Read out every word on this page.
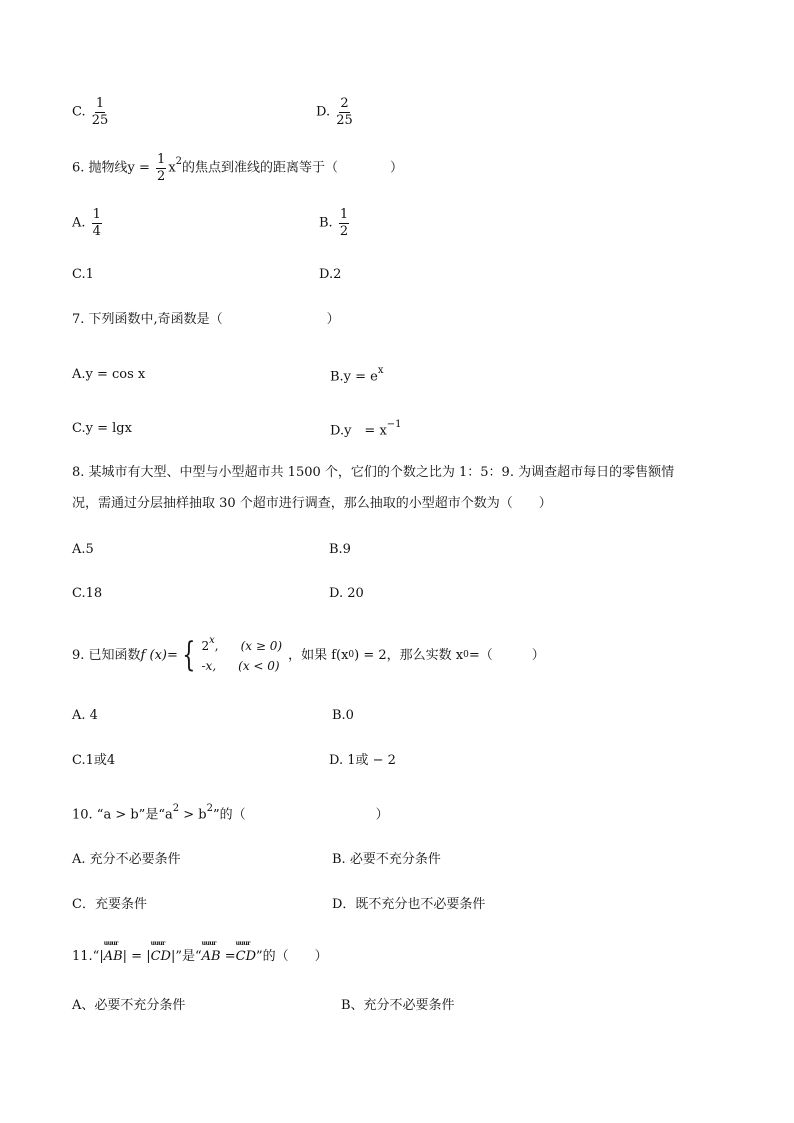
C. $\frac{1}{25}$	D. $\frac{2}{25}$
6. 抛物线$y = \frac{1}{2} x^2$的焦点到准线的距离等于（　　　　）
A. $\frac{1}{4}$	B. $\frac{1}{2}$
C.1	D.2
7. 下列函数中,奇函数是（　　　　　　　　）
A.y = cos x	$B.y = e^x$
C.y = lgx	D.y　= $x^{-1}$
8. 某城市有大型、中型与小型超市共 1500 个，它们的个数之比为 1：5：9. 为调查超市每日的零售额情
况，需通过分层抽样抽取 30 个超市进行调查，那么抽取的小型超市个数为（　　）
A.5	B.9
C.18	D. 20
9. 已知函数 f (x)= { 2$^x$, (x ≥ 0)
-x, (x < 0)
，如果 f(x 0 ) = 2，那么实数 x 0 =（　　　）
A. 4	B.0
C.1或4	D. 1或 − 2
10. “a > b”是“$a^2 > b^2$”的（　　　　　　　　　　）
A. 充分不必要条件	B. 必要不充分条件
C．充要条件	D．既不充分也不必要条件
11.“|uuur AB| = |uuur CD|”是“uuur AB =uuur CD”的（　　）
A、必要不充分条件	B、充分不必要条件
